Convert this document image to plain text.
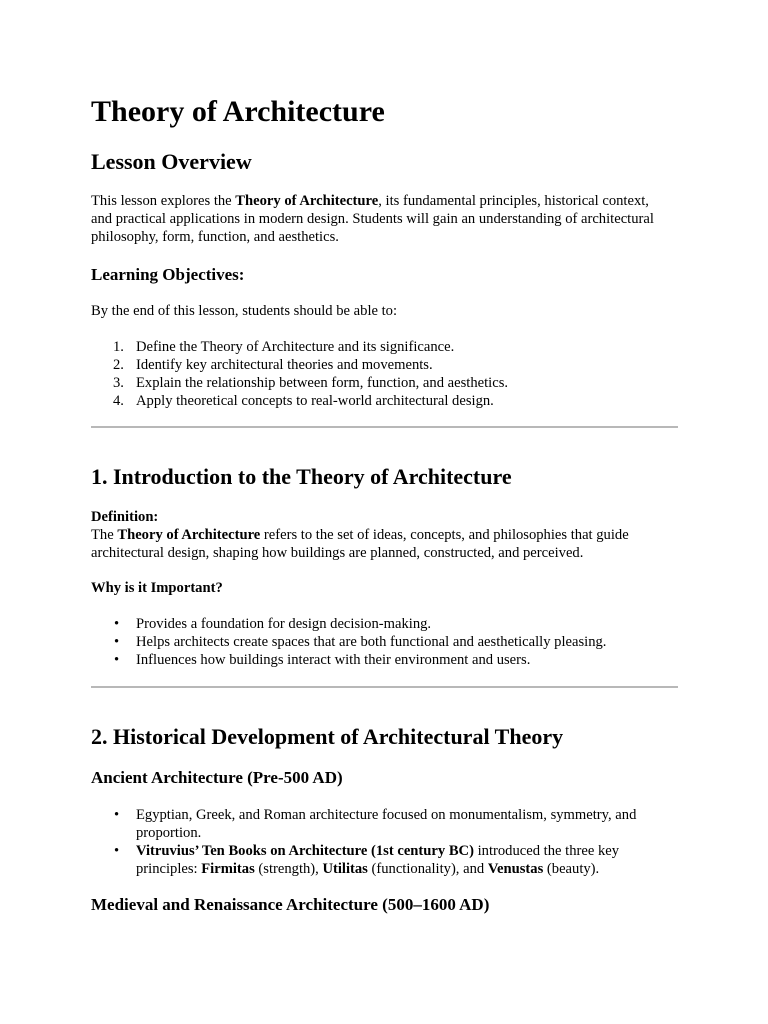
Theory of Architecture
Lesson Overview
This lesson explores the Theory of Architecture, its fundamental principles, historical context,
and practical applications in modern design. Students will gain an understanding of architectural
philosophy, form, function, and aesthetics.
Learning Objectives:
By the end of this lesson, students should be able to:
1. Define the Theory of Architecture and its significance.
2. Identify key architectural theories and movements.
3. Explain the relationship between form, function, and aesthetics.
4. Apply theoretical concepts to real-world architectural design.
1. Introduction to the Theory of Architecture
Definition:
The Theory of Architecture refers to the set of ideas, concepts, and philosophies that guide
architectural design, shaping how buildings are planned, constructed, and perceived.
Why is it Important?
• Provides a foundation for design decision-making.
• Helps architects create spaces that are both functional and aesthetically pleasing.
• Influences how buildings interact with their environment and users.
2. Historical Development of Architectural Theory
Ancient Architecture (Pre-500 AD)
• Egyptian, Greek, and Roman architecture focused on monumentalism, symmetry, and
proportion.
• Vitruvius’ Ten Books on Architecture (1st century BC) introduced the three key
principles: Firmitas (strength), Utilitas (functionality), and Venustas (beauty).
Medieval and Renaissance Architecture (500–1600 AD)
